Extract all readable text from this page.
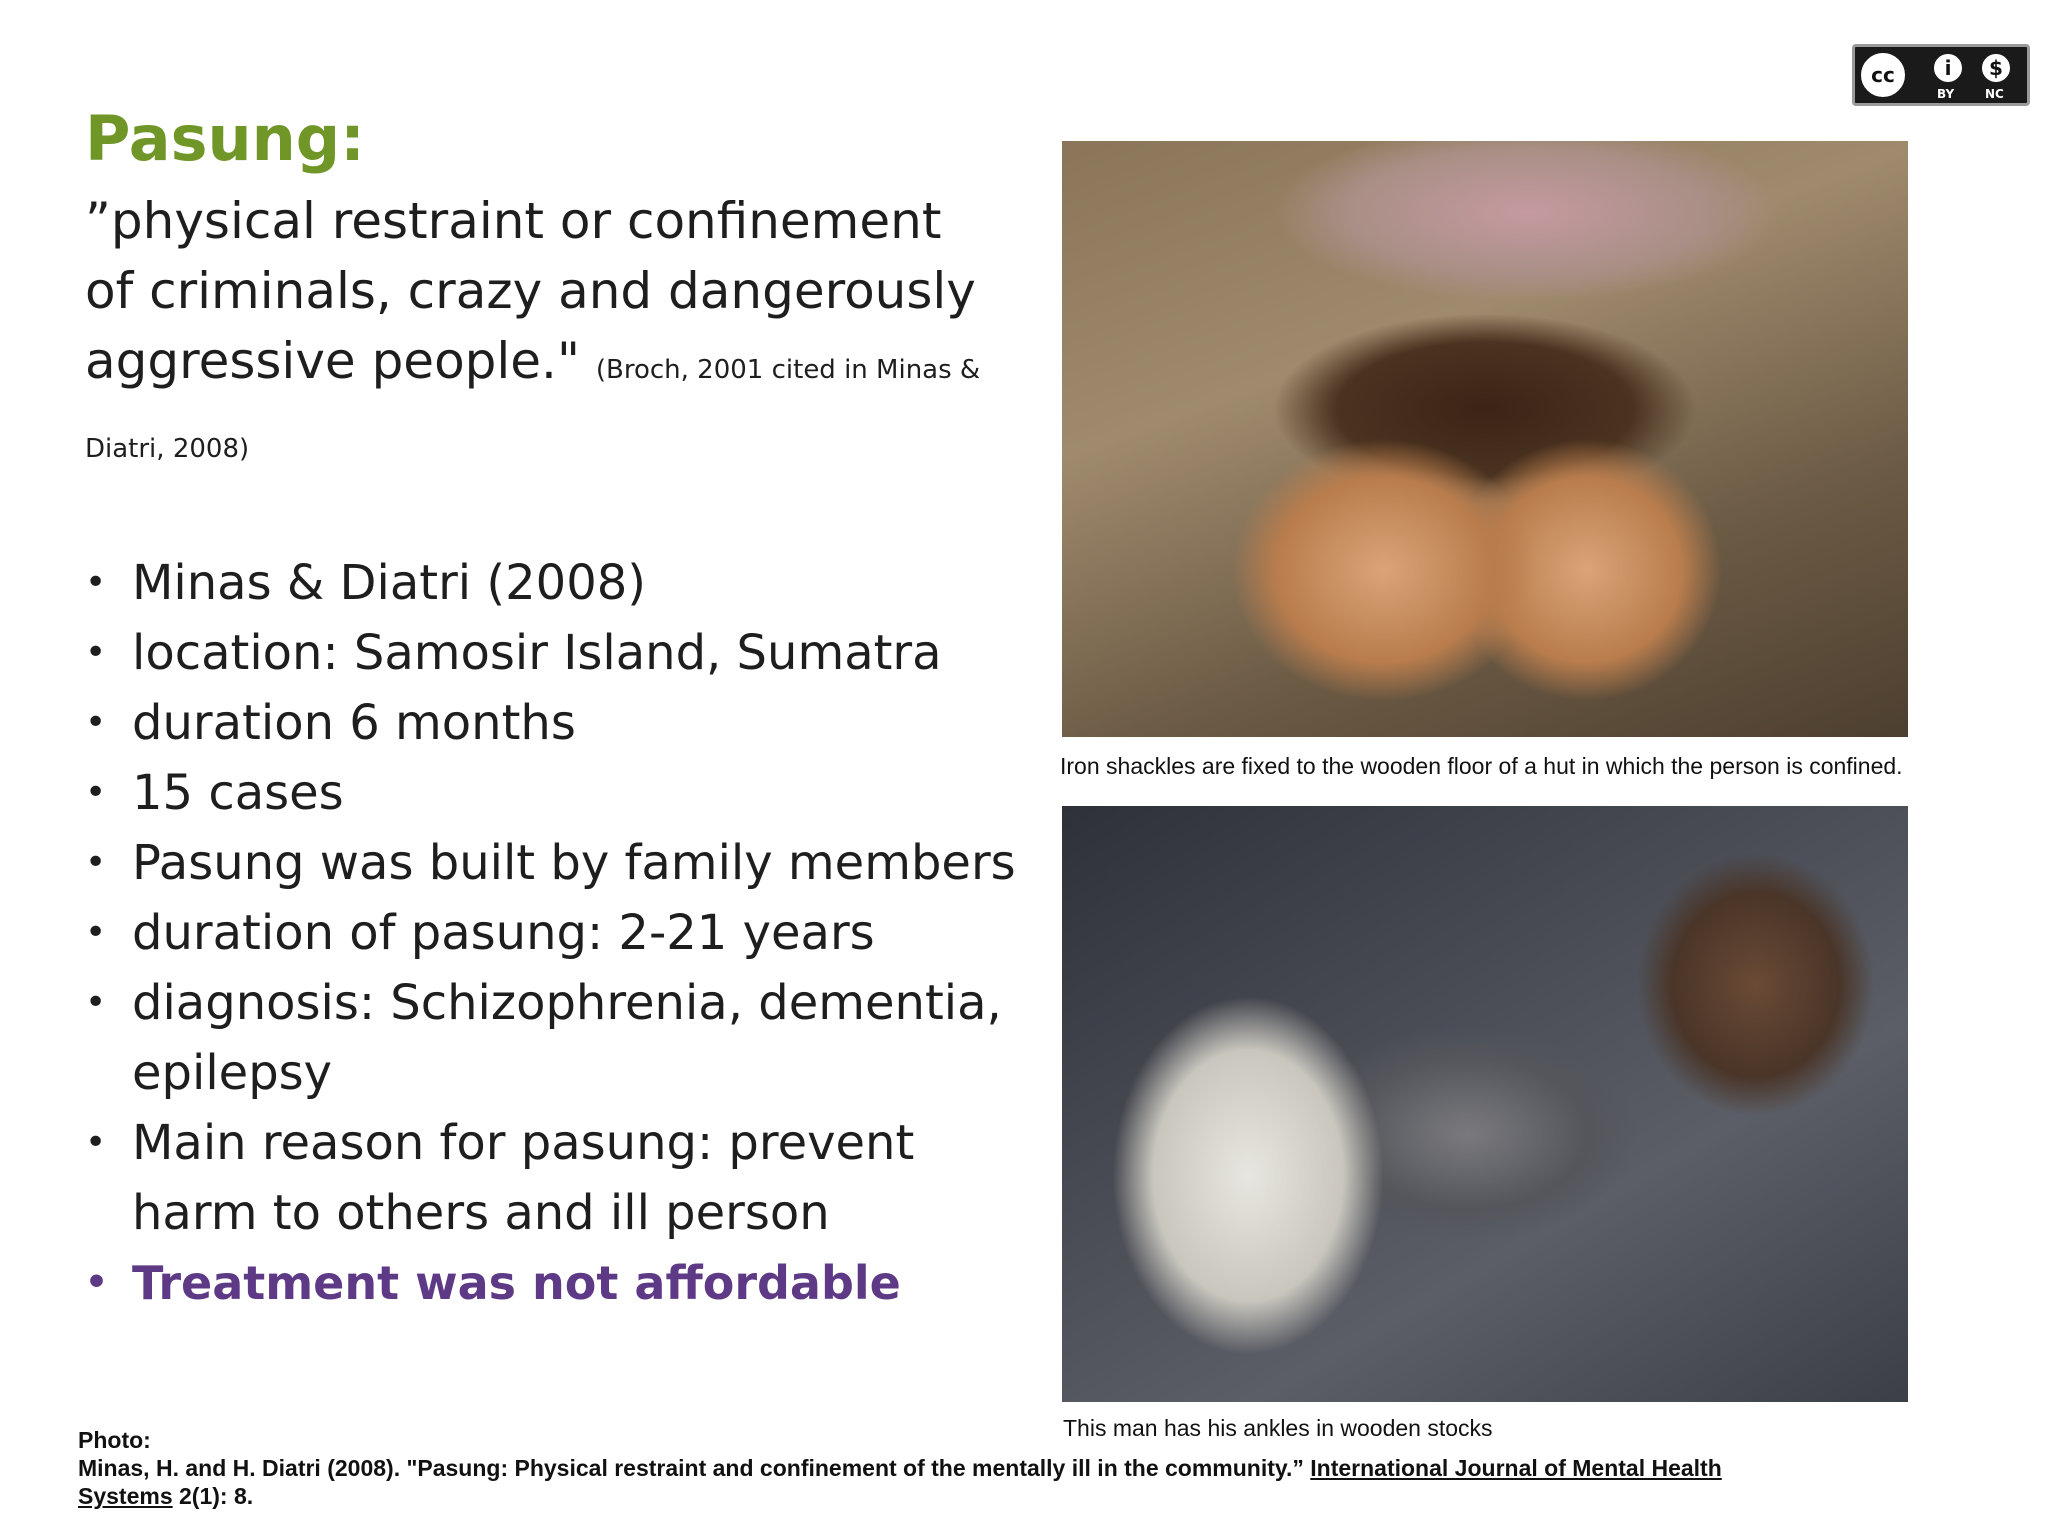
cc	i	$
BY	NC
Pasung:
”physical restraint or confinement of criminals, crazy and dangerously aggressive people." (Broch, 2001 cited in Minas & Diatri, 2008)
• Minas & Diatri (2008)
• location: Samosir Island, Sumatra
• duration 6 months
• 15 cases
• Pasung was built by family members
• duration of pasung: 2-21 years
• diagnosis: Schizophrenia, dementia, epilepsy
• Main reason for pasung: prevent harm to others and ill person
• Treatment was not affordable
Iron shackles are fixed to the wooden floor of a hut in which the person is confined.
This man has his ankles in wooden stocks
Photo:
Minas, H. and H. Diatri (2008). "Pasung: Physical restraint and confinement of the mentally ill in the community.” International Journal of Mental Health Systems 2(1): 8.
